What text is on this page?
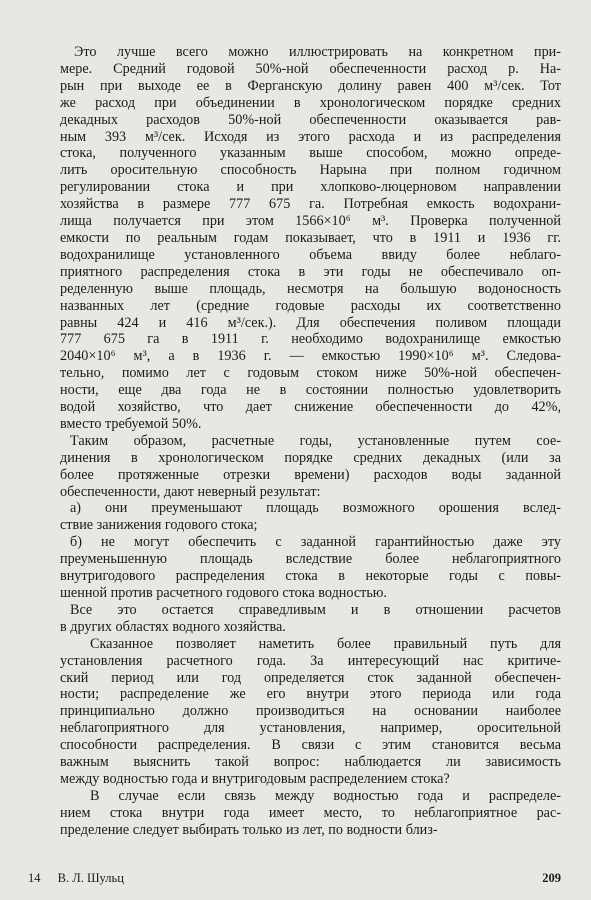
Это лучше всего можно иллюстрировать на конкретном при-
мере. Средний годовой 50%-ной обеспеченности расход р. На-
рын при выходе ее в Ферганскую долину равен 400 м³/сек. Тот
же расход при объединении в хронологическом порядке средних
декадных расходов 50%-ной обеспеченности оказывается рав-
ным 393 м³/сек. Исходя из этого расхода и из распределения
стока, полученного указанным выше способом, можно опреде-
лить оросительную способность Нарына при полном годичном
регулировании стока и при хлопково-люцерновом направлении
хозяйства в размере 777 675 га. Потребная емкость водохрани-
лища получается при этом 1566×10⁶ м³. Проверка полученной
емкости по реальным годам показывает, что в 1911 и 1936 гг.
водохранилище установленного объема ввиду более неблаго-
приятного распределения стока в эти годы не обеспечивало оп-
ределенную выше площадь, несмотря на большую водоносность
названных лет (средние годовые расходы их соответственно
равны 424 и 416 м³/сек.). Для обеспечения поливом площади
777 675 га в 1911 г. необходимо водохранилище емкостью
2040×10⁶ м³, а в 1936 г. — емкостью 1990×10⁶ м³. Следова-
тельно, помимо лет с годовым стоком ниже 50%-ной обеспечен-
ности, еще два года не в состоянии полностью удовлетворить
водой хозяйство, что дает снижение обеспеченности до 42%,
вместо требуемой 50%.
Таким образом, расчетные годы, установленные путем сое-
динения в хронологическом порядке средних декадных (или за
более протяженные отрезки времени) расходов воды заданной
обеспеченности, дают неверный результат:
а) они преуменьшают площадь возможного орошения вслед-
ствие занижения годового стока;
б) не могут обеспечить с заданной гарантийностью даже эту
преуменьшенную площадь вследствие более неблагоприятного
внутригодового распределения стока в некоторые годы с повы-
шенной против расчетного годового стока водностью.
Все это остается справедливым и в отношении расчетов
в других областях водного хозяйства.
Сказанное позволяет наметить более правильный путь для
установления расчетного года. За интересующий нас критиче-
ский период или год определяется сток заданной обеспечен-
ности; распределение же его внутри этого периода или года
принципиально должно производиться на основании наиболее
неблагоприятного для установления, например, оросительной
способности распределения. В связи с этим становится весьма
важным выяснить такой вопрос: наблюдается ли зависимость
между водностью года и внутригодовым распределением стока?
В случае если связь между водностью года и распределе-
нием стока внутри года имеет место, то неблагоприятное рас-
пределение следует выбирать только из лет, по водности близ-
14 В. Л. Шульц	209
